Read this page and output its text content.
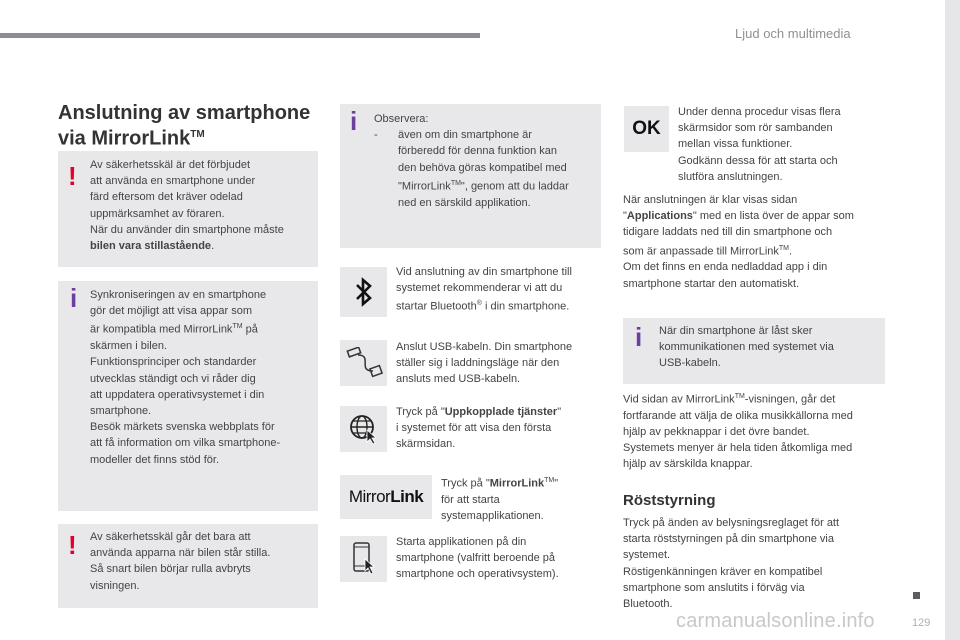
Ljud och multimedia
129
Anslutning av smartphone
via MirrorLink™
! Av säkerhetsskäl är det förbjudet

att använda en smartphone under

färd eftersom det kräver odelad

uppmärksamhet av föraren.

När du använder din smartphone måste

bilen vara stillastående.

i Synkroniseringen av en smartphone

gör det möjligt att visa appar som

är kompatibla med MirrorLink™ på

skärmen i bilen.

Funktionsprinciper och standarder

utvecklas ständigt och vi råder dig

att uppdatera operativsystemet i din

smartphone.

Besök märkets svenska webbplats för

att få information om vilka smartphone-

modeller det finns stöd för.

! Av säkerhetsskäl går det bara att

använda apparna när bilen står stilla.

Så snart bilen börjar rulla avbryts

visningen.

i Observera:

- även om din smartphone är

förberedd för denna funktion kan

den behöva göras kompatibel med

"MirrorLink™", genom att du laddar

ned en särskild applikation.

Vid anslutning av din smartphone till

systemet rekommenderar vi att du

startar Bluetooth® i din smartphone.

Anslut USB-kabeln. Din smartphone

ställer sig i laddningsläge när den

ansluts med USB-kabeln.

Tryck på "Uppkopplade tjänster"

i systemet för att visa den första

skärmsidan.

MirrorLink

Tryck på "MirrorLink™"

för att starta

systemapplikationen.

Starta applikationen på din

smartphone (valfritt beroende på

smartphone och operativsystem).

OK

Under denna procedur visas flera

skärmsidor som rör sambanden

mellan vissa funktioner.

Godkänn dessa för att starta och

slutföra anslutningen.

När anslutningen är klar visas sidan

"Applications" med en lista över de appar som

tidigare laddats ned till din smartphone och

som är anpassade till MirrorLink™.

Om det finns en enda nedladdad app i din

smartphone startar den automatiskt.

i När din smartphone är låst sker

kommunikationen med systemet via

USB-kabeln.

Vid sidan av MirrorLink™-visningen, går det

fortfarande att välja de olika musikkällorna med

hjälp av pekknappar i det övre bandet.

Systemets menyer är hela tiden åtkomliga med

hjälp av särskilda knappar.

Röststyrning

Tryck på änden av belysningsreglaget för att

starta röststyrningen på din smartphone via

systemet.

Röstigenkänningen kräver en kompatibel

smartphone som anslutits i förväg via

Bluetooth.

carmanualsonline.info
